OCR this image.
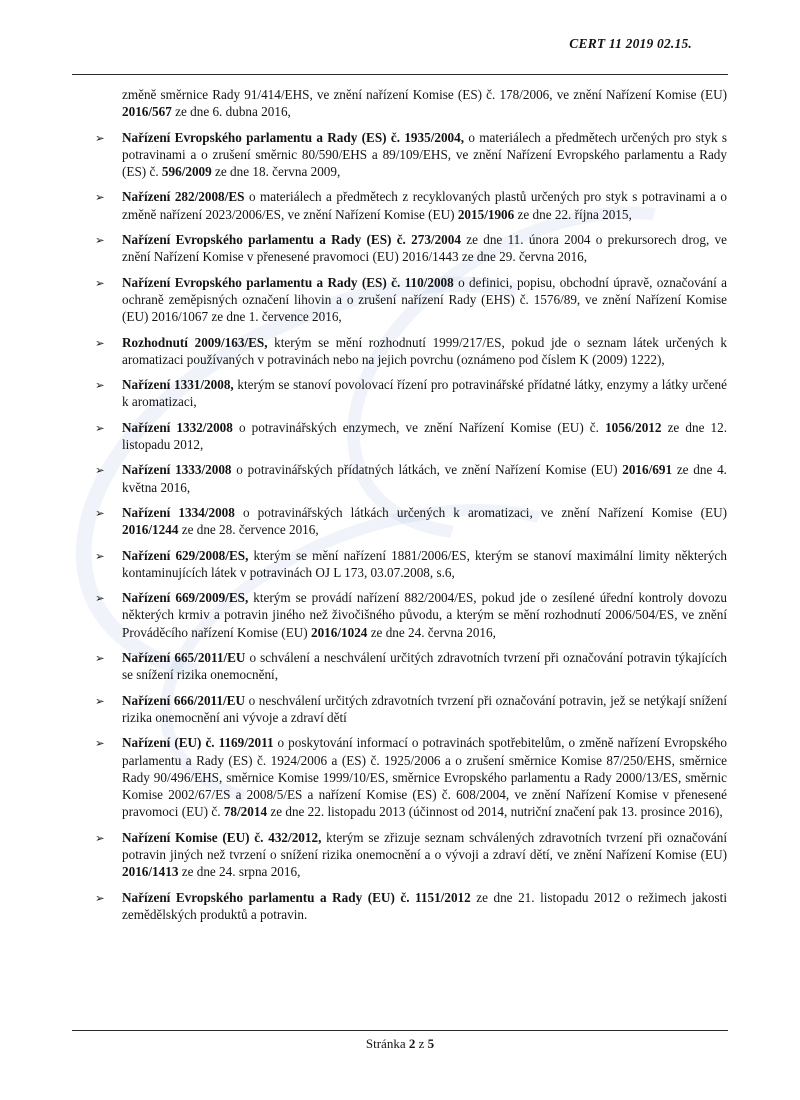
CERT 11 2019 02.15.
změně směrnice Rady 91/414/EHS, ve znění nařízení Komise (ES) č. 178/2006, ve znění Nařízení Komise (EU) 2016/567 ze dne 6. dubna 2016,
➢ Nařízení Evropského parlamentu a Rady (ES) č. 1935/2004, o materiálech a předmětech určených pro styk s potravinami a o zrušení směrnic 80/590/EHS a 89/109/EHS, ve znění Nařízení Evropského parlamentu a Rady (ES) č. 596/2009 ze dne 18. června 2009,
➢ Nařízení 282/2008/ES o materiálech a předmětech z recyklovaných plastů určených pro styk s potravinami a o změně nařízení 2023/2006/ES, ve znění Nařízení Komise (EU) 2015/1906 ze dne 22. října 2015,
➢ Nařízení Evropského parlamentu a Rady (ES) č. 273/2004 ze dne 11. února 2004 o prekursorech drog, ve znění Nařízení Komise v přenesené pravomoci (EU) 2016/1443 ze dne 29. června 2016,
➢ Nařízení Evropského parlamentu a Rady (ES) č. 110/2008 o definici, popisu, obchodní úpravě, označování a ochraně zeměpisných označení lihovin a o zrušení nařízení Rady (EHS) č. 1576/89, ve znění Nařízení Komise (EU) 2016/1067 ze dne 1. července 2016,
➢ Rozhodnutí 2009/163/ES, kterým se mění rozhodnutí 1999/217/ES, pokud jde o seznam látek určených k aromatizaci používaných v potravinách nebo na jejich povrchu (oznámeno pod číslem K (2009) 1222),
➢ Nařízení 1331/2008, kterým se stanoví povolovací řízení pro potravinářské přídatné látky, enzymy a látky určené k aromatizaci,
➢ Nařízení 1332/2008 o potravinářských enzymech, ve znění Nařízení Komise (EU) č. 1056/2012 ze dne 12. listopadu 2012,
➢ Nařízení 1333/2008 o potravinářských přídatných látkách, ve znění Nařízení Komise (EU) 2016/691 ze dne 4. května 2016,
➢ Nařízení 1334/2008 o potravinářských látkách určených k aromatizaci, ve znění Nařízení Komise (EU) 2016/1244 ze dne 28. července 2016,
➢ Nařízení 629/2008/ES, kterým se mění nařízení 1881/2006/ES, kterým se stanoví maximální limity některých kontaminujících látek v potravinách OJ L 173, 03.07.2008, s.6,
➢ Nařízení 669/2009/ES, kterým se provádí nařízení 882/2004/ES, pokud jde o zesílené úřední kontroly dovozu některých krmiv a potravin jiného než živočišného původu, a kterým se mění rozhodnutí 2006/504/ES, ve znění Prováděcího nařízení Komise (EU) 2016/1024 ze dne 24. června 2016,
➢ Nařízení 665/2011/EU o schválení a neschválení určitých zdravotních tvrzení při označování potravin týkajících se snížení rizika onemocnění,
➢ Nařízení 666/2011/EU o neschválení určitých zdravotních tvrzení při označování potravin, jež se netýkají snížení rizika onemocnění ani vývoje a zdraví dětí
➢ Nařízení (EU) č. 1169/2011 o poskytování informací o potravinách spotřebitelům, o změně nařízení Evropského parlamentu a Rady (ES) č. 1924/2006 a (ES) č. 1925/2006 a o zrušení směrnice Komise 87/250/EHS, směrnice Rady 90/496/EHS, směrnice Komise 1999/10/ES, směrnice Evropského parlamentu a Rady 2000/13/ES, směrnic Komise 2002/67/ES a 2008/5/ES a nařízení Komise (ES) č. 608/2004, ve znění Nařízení Komise v přenesené pravomoci (EU) č. 78/2014 ze dne 22. listopadu 2013 (účinnost od 2014, nutriční značení pak 13. prosince 2016),
➢ Nařízení Komise (EU) č. 432/2012, kterým se zřizuje seznam schválených zdravotních tvrzení při označování potravin jiných než tvrzení o snížení rizika onemocnění a o vývoji a zdraví dětí, ve znění Nařízení Komise (EU) 2016/1413 ze dne 24. srpna 2016,
➢ Nařízení Evropského parlamentu a Rady (EU) č. 1151/2012 ze dne 21. listopadu 2012 o režimech jakosti zemědělských produktů a potravin.
Stránka 2 z 5
